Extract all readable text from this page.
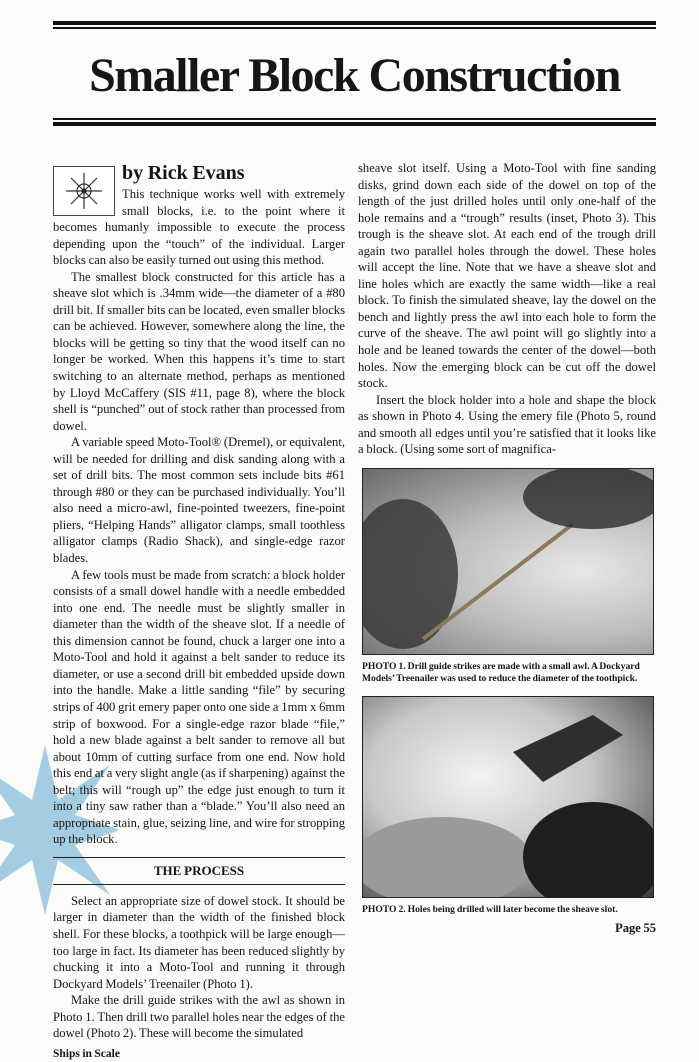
Smaller Block Construction
by Rick Evans

This technique works well with extremely small blocks, i.e. to the point where it becomes humanly impossible to execute the process depending upon the “touch” of the individual. Larger blocks can also be easily turned out using this method.

The smallest block constructed for this article has a sheave slot which is .34mm wide—the diameter of a #80 drill bit. If smaller bits can be located, even smaller blocks can be achieved. However, somewhere along the line, the blocks will be getting so tiny that the wood itself can no longer be worked. When this happens it’s time to start switching to an alternate method, perhaps as mentioned by Lloyd McCaffery (SIS #11, page 8), where the block shell is “punched” out of stock rather than processed from dowel.

A variable speed Moto-Tool® (Dremel), or equivalent, will be needed for drilling and disk sanding along with a set of drill bits. The most common sets include bits #61 through #80 or they can be purchased individually. You’ll also need a micro-awl, fine-pointed tweezers, fine-point pliers, “Helping Hands” alligator clamps, small toothless alligator clamps (Radio Shack), and single-edge razor blades.

A few tools must be made from scratch: a block holder consists of a small dowel handle with a needle embedded into one end. The needle must be slightly smaller in diameter than the width of the sheave slot. If a needle of this dimension cannot be found, chuck a larger one into a Moto-Tool and hold it against a belt sander to reduce its diameter, or use a second drill bit embedded upside down into the handle. Make a little sanding “file” by securing strips of 400 grit emery paper onto one side a 1mm x 6mm strip of boxwood. For a single-edge razor blade “file,” hold a new blade against a belt sander to remove all but about 10mm of cutting surface from one end. Now hold this end at a very slight angle (as if sharpening) against the belt; this will “rough up” the edge just enough to turn it into a tiny saw rather than a “blade.” You’ll also need an appropriate stain, glue, seizing line, and wire for stropping up the block.

THE PROCESS

Select an appropriate size of dowel stock. It should be larger in diameter than the width of the finished block shell. For these blocks, a toothpick will be large enough—too large in fact. Its diameter has been reduced slightly by chucking it into a Moto-Tool and running it through Dockyard Models’ Treenailer (Photo 1).

Make the drill guide strikes with the awl as shown in Photo 1. Then drill two parallel holes near the edges of the dowel (Photo 2). These will become the simulated

Ships in Scale

sheave slot itself. Using a Moto-Tool with fine sanding disks, grind down each side of the dowel on top of the length of the just drilled holes until only one-half of the hole remains and a “trough” results (inset, Photo 3). This trough is the sheave slot. At each end of the trough drill again two parallel holes through the dowel. These holes will accept the line. Note that we have a sheave slot and line holes which are exactly the same width—like a real block. To finish the simulated sheave, lay the dowel on the bench and lightly press the awl into each hole to form the curve of the sheave. The awl point will go slightly into a hole and be leaned towards the center of the dowel—both holes. Now the emerging block can be cut off the dowel stock.

Insert the block holder into a hole and shape the block as shown in Photo 4. Using the emery file (Photo 5, round and smooth all edges until you’re satisfied that it looks like a block. (Using some sort of magnifica-

PHOTO 1. Drill guide strikes are made with a small awl. A Dockyard Models’ Treenailer was used to reduce the diameter of the toothpick.
PHOTO 2. Holes being drilled will later become the sheave slot.
Page 55
